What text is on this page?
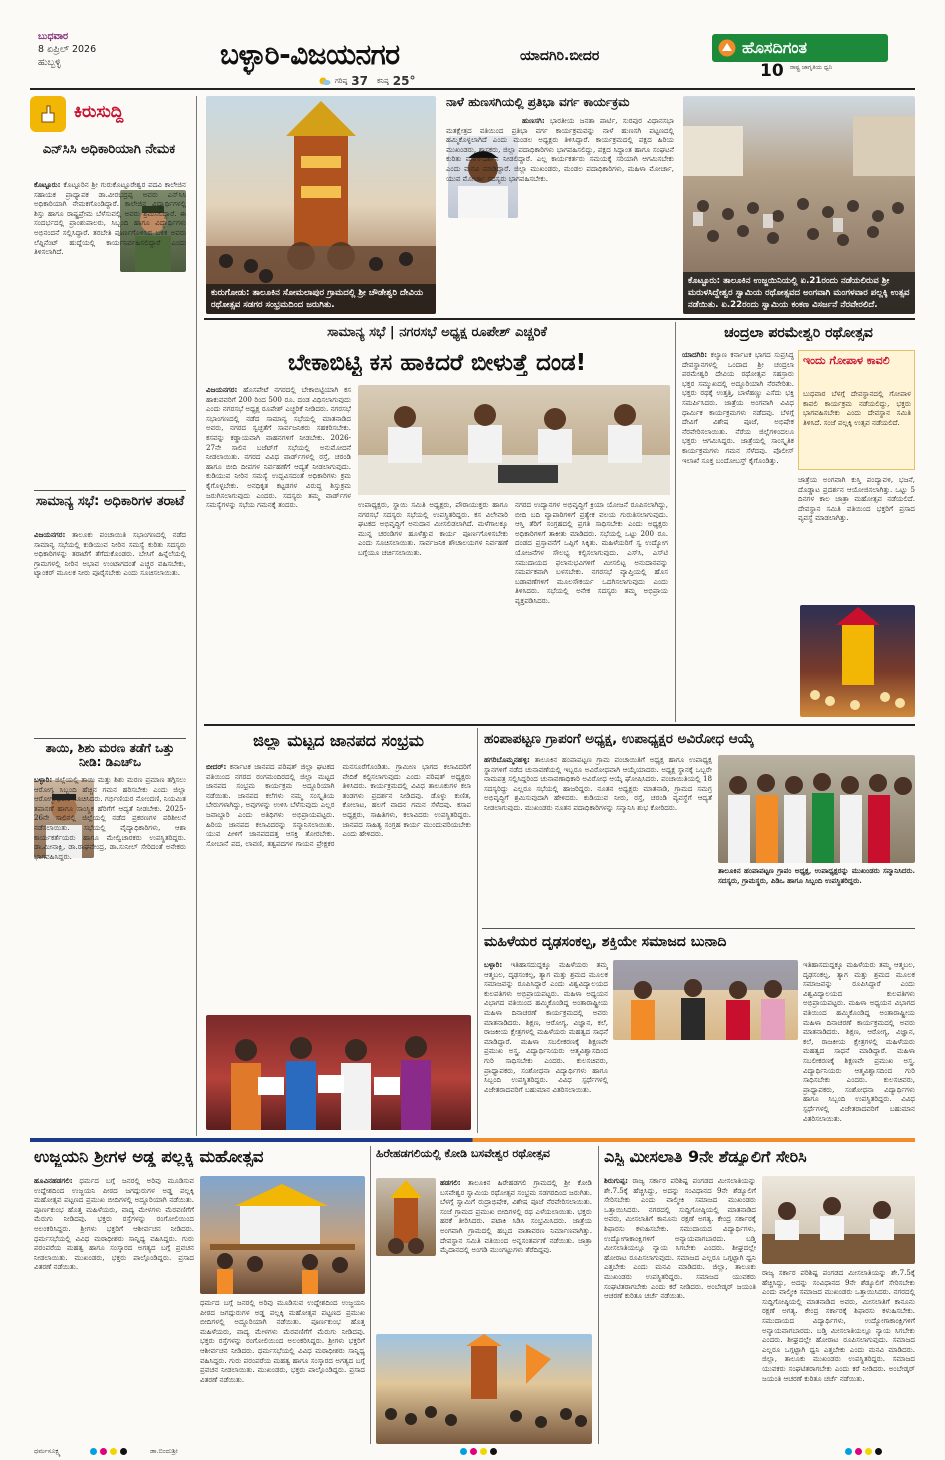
ಬುಧವಾರ
8 ಏಪ್ರಿಲ್ 2026
ಹುಬ್ಬಳ್ಳಿ	ಬಳ್ಳಾರಿ-ವಿಜಯನಗರ	ಯಾದಗಿರಿ.ಬೀದರ
ಗರಿಷ್ಠ 37 ಕನಿಷ್ಠ 25°
ಹೊಸದಿಗಂತ
ರಾಷ್ಟ್ರ ಜಾಗೃತಿಯ ಧ್ವನಿ
10
ಕಿರುಸುದ್ದಿ
ಎನ್‌ಸಿಸಿ ಅಧಿಕಾರಿಯಾಗಿ ನೇಮಕ
ಕೊಟ್ಟೂರು: ಕೊಟ್ಟೂರಿನ ಶ್ರೀ ಗುರುಕೊಟ್ಟೂರೇಶ್ವರ ಪದವಿ ಕಾಲೇಜಿನ ಸಹಾಯಕ ಪ್ರಾಧ್ಯಾಪಕ ಡಾ.ವೀರಭದ್ರಪ್ಪ ಅವರು ಎನ್‌ಸಿಸಿ ಅಧಿಕಾರಿಯಾಗಿ ನೇಮಕಗೊಂಡಿದ್ದಾರೆ. ಕಾಲೇಜಿನ ವಿದ್ಯಾರ್ಥಿಗಳಲ್ಲಿ ಶಿಸ್ತು ಹಾಗೂ ರಾಷ್ಟ್ರಪ್ರೇಮ ಬೆಳೆಸುವಲ್ಲಿ ಅವರು ಶ್ರಮಿಸಲಿದ್ದಾರೆ. ಈ ಸಂದರ್ಭದಲ್ಲಿ ಪ್ರಾಂಶುಪಾಲರು, ಸಿಬ್ಬಂದಿ ಹಾಗೂ ವಿದ್ಯಾರ್ಥಿಗಳು ಅಭಿನಂದನೆ ಸಲ್ಲಿಸಿದ್ದಾರೆ. ತರಬೇತಿ ಪೂರ್ಣಗೊಳಿಸಿದ ಬಳಿಕ ಅವರು ಲೆಫ್ಟಿನೆಂಟ್ ಹುದ್ದೆಯಲ್ಲಿ ಕಾರ್ಯನಿರ್ವಹಿಸಲಿದ್ದಾರೆ ಎಂದು ತಿಳಿಸಲಾಗಿದೆ.
ಸಾಮಾನ್ಯ ಸಭೆ: ಅಧಿಕಾರಿಗಳ ತರಾಟೆ
ವಿಜಯನಗರ: ತಾಲೂಕು ಪಂಚಾಯಿತಿ ಸಭಾಂಗಣದಲ್ಲಿ ನಡೆದ ಸಾಮಾನ್ಯ ಸಭೆಯಲ್ಲಿ ಕುಡಿಯುವ ನೀರಿನ ಸಮಸ್ಯೆ ಕುರಿತು ಸದಸ್ಯರು ಅಧಿಕಾರಿಗಳನ್ನು ತರಾಟೆಗೆ ತೆಗೆದುಕೊಂಡರು. ಬೇಸಿಗೆ ಹಿನ್ನೆಲೆಯಲ್ಲಿ ಗ್ರಾಮಗಳಲ್ಲಿ ನೀರಿನ ಅಭಾವ ಉಂಟಾಗದಂತೆ ಎಚ್ಚರ ವಹಿಸಬೇಕು, ಟ್ಯಾಂಕರ್ ಮೂಲಕ ನೀರು ಪೂರೈಸಬೇಕು ಎಂದು ಸೂಚಿಸಲಾಯಿತು.
ತಾಯಿ, ಶಿಶು ಮರಣ ತಡೆಗೆ ಒತ್ತು ನೀಡಿ: ಡಿಎಚ್‌ಒ
ಬಳ್ಳಾರಿ: ಜಿಲ್ಲೆಯಲ್ಲಿ ತಾಯಿ ಮತ್ತು ಶಿಶು ಮರಣ ಪ್ರಮಾಣ ತಗ್ಗಿಸಲು ಆರೋಗ್ಯ ಸಿಬ್ಬಂದಿ ಹೆಚ್ಚಿನ ಗಮನ ಹರಿಸಬೇಕು ಎಂದು ಜಿಲ್ಲಾ ಆರೋಗ್ಯಾಧಿಕಾರಿ ಸೂಚಿಸಿದರು. ಗರ್ಭಿಣಿಯರ ನೋಂದಣಿ, ನಿಯಮಿತ ತಪಾಸಣೆ ಹಾಗೂ ಸಾಂಸ್ಥಿಕ ಹೆರಿಗೆಗೆ ಆದ್ಯತೆ ನೀಡಬೇಕು. 2025-26ನೇ ಸಾಲಿನಲ್ಲಿ ಜಿಲ್ಲೆಯಲ್ಲಿ ನಡೆದ ಪ್ರಕರಣಗಳ ಪರಿಶೀಲನೆ ನಡೆಸಲಾಯಿತು. ಸಭೆಯಲ್ಲಿ ವೈದ್ಯಾಧಿಕಾರಿಗಳು, ಆಶಾ ಕಾರ್ಯಕರ್ತೆಯರು ಹಾಗೂ ಮೇಲ್ವಿಚಾರಕರು ಉಪಸ್ಥಿತರಿದ್ದರು. ಡಾ.ಮೀನಾಕ್ಷಿ, ಡಾ.ರಾಘವೇಂದ್ರ, ಡಾ.ಸುನೀಲ್ ಸೇರಿದಂತೆ ಅನೇಕರು ಭಾಗವಹಿಸಿದ್ದರು.
ಕುರುಗೋಡು: ತಾಲೂಕಿನ ಸೋಮಲಾಪುರ ಗ್ರಾಮದಲ್ಲಿ ಶ್ರೀ ಚೌಡೇಶ್ವರಿ ದೇವಿಯ ರಥೋತ್ಸವ ಸಡಗರ ಸಂಭ್ರಮದಿಂದ ಜರುಗಿತು.
ನಾಳೆ ಹುಣಸಗಿಯಲ್ಲಿ ಪ್ರತಿಭಾ ವರ್ಗ ಕಾರ್ಯಕ್ರಮ
ಹುಣಸಗಿ: ಭಾರತೀಯ ಜನತಾ ಪಾರ್ಟಿ, ಸುರಪುರ ವಿಧಾನಸಭಾ ಮತಕ್ಷೇತ್ರದ ವತಿಯಿಂದ ಪ್ರತಿಭಾ ವರ್ಗ ಕಾರ್ಯಕ್ರಮವನ್ನು ನಾಳೆ ಹುಣಸಗಿ ಪಟ್ಟಣದಲ್ಲಿ ಹಮ್ಮಿಕೊಳ್ಳಲಾಗಿದೆ ಎಂದು ಮಂಡಲ ಅಧ್ಯಕ್ಷರು ತಿಳಿಸಿದ್ದಾರೆ. ಕಾರ್ಯಕ್ರಮದಲ್ಲಿ ಪಕ್ಷದ ಹಿರಿಯ ಮುಖಂಡರು, ಶಾಸಕರು, ಜಿಲ್ಲಾ ಪದಾಧಿಕಾರಿಗಳು ಭಾಗವಹಿಸಲಿದ್ದು, ಪಕ್ಷದ ಸಿದ್ಧಾಂತ ಹಾಗೂ ಸಂಘಟನೆ ಕುರಿತು ಮಾರ್ಗದರ್ಶನ ನೀಡಲಿದ್ದಾರೆ. ಎಲ್ಲ ಕಾರ್ಯಕರ್ತರು ಸಮಯಕ್ಕೆ ಸರಿಯಾಗಿ ಆಗಮಿಸಬೇಕು ಎಂದು ಮನವಿ ಮಾಡಿದ್ದಾರೆ. ಜಿಲ್ಲಾ ಮುಖಂಡರು, ಮಂಡಲ ಪದಾಧಿಕಾರಿಗಳು, ಮಹಿಳಾ ಮೋರ್ಚಾ, ಯುವ ಮೋರ್ಚಾ ಸದಸ್ಯರು ಭಾಗವಹಿಸಬೇಕು.
ಕೊಟ್ಟೂರು: ತಾಲೂಕಿನ ಉಜ್ಜಯಿನಿಯಲ್ಲಿ ಏ.21ರಂದು ನಡೆಯಲಿರುವ ಶ್ರೀ ಮರುಳಸಿದ್ದೇಶ್ವರ ಸ್ವಾಮಿಯ ರಥೋತ್ಸವದ ಅಂಗವಾಗಿ ಮಂಗಳವಾರ ಪಲ್ಲಕ್ಕಿ ಉತ್ಸವ ನಡೆಯಿತು. ಏ.22ರಂದು ಸ್ವಾಮಿಯ ಕಂಕಣ ವಿಸರ್ಜನೆ ನೆರವೇರಲಿದೆ.
ಸಾಮಾನ್ಯ ಸಭೆ | ನಗರಸಭೆ ಅಧ್ಯಕ್ಷ ರೂಪೇಶ್ ಎಚ್ಚರಿಕೆ
ಬೇಕಾಬಿಟ್ಟಿ ಕಸ ಹಾಕಿದರೆ ಬೀಳುತ್ತೆ ದಂಡ!
ವಿಜಯನಗರ: ಹೊಸಪೇಟೆ ನಗರದಲ್ಲಿ ಬೇಕಾಬಿಟ್ಟಿಯಾಗಿ ಕಸ ಹಾಕುವವರಿಗೆ 200 ರಿಂದ 500 ರೂ. ದಂಡ ವಿಧಿಸಲಾಗುವುದು ಎಂದು ನಗರಸಭೆ ಅಧ್ಯಕ್ಷ ರೂಪೇಶ್ ಎಚ್ಚರಿಕೆ ನೀಡಿದರು. ನಗರಸಭೆ ಸಭಾಂಗಣದಲ್ಲಿ ನಡೆದ ಸಾಮಾನ್ಯ ಸಭೆಯಲ್ಲಿ ಮಾತನಾಡಿದ ಅವರು, ನಗರದ ಸ್ವಚ್ಛತೆಗೆ ಸಾರ್ವಜನಿಕರು ಸಹಕರಿಸಬೇಕು. ಕಸವನ್ನು ಕಡ್ಡಾಯವಾಗಿ ವಾಹನಗಳಿಗೆ ನೀಡಬೇಕು. 2026-27ನೇ ಸಾಲಿನ ಬಜೆಟ್‌ಗೆ ಸಭೆಯಲ್ಲಿ ಅನುಮೋದನೆ ನೀಡಲಾಯಿತು. ನಗರದ ವಿವಿಧ ವಾರ್ಡ್‌ಗಳಲ್ಲಿ ರಸ್ತೆ, ಚರಂಡಿ ಹಾಗೂ ಬೀದಿ ದೀಪಗಳ ನಿರ್ವಹಣೆಗೆ ಆದ್ಯತೆ ನೀಡಲಾಗುವುದು. ಕುಡಿಯುವ ನೀರಿನ ಸಮಸ್ಯೆ ಉದ್ಭವಿಸದಂತೆ ಅಧಿಕಾರಿಗಳು ಕ್ರಮ ಕೈಗೊಳ್ಳಬೇಕು. ಅನಧಿಕೃತ ಕಟ್ಟಡಗಳ ವಿರುದ್ಧ ಶಿಸ್ತುಕ್ರಮ ಜರುಗಿಸಲಾಗುವುದು ಎಂದರು. ಸದಸ್ಯರು ತಮ್ಮ ವಾರ್ಡ್‌ಗಳ ಸಮಸ್ಯೆಗಳನ್ನು ಸಭೆಯ ಗಮನಕ್ಕೆ ತಂದರು.	ಉಪಾಧ್ಯಕ್ಷರು, ಸ್ಥಾಯಿ ಸಮಿತಿ ಅಧ್ಯಕ್ಷರು, ಪೌರಾಯುಕ್ತರು ಹಾಗೂ ನಗರಸಭೆ ಸದಸ್ಯರು ಸಭೆಯಲ್ಲಿ ಉಪಸ್ಥಿತರಿದ್ದರು. ಕಸ ವಿಲೇವಾರಿ ಘಟಕದ ಅಭಿವೃದ್ಧಿಗೆ ಅನುದಾನ ಮೀಸಲಿಡಲಾಗಿದೆ. ಮಳೆಗಾಲಕ್ಕೂ ಮುನ್ನ ಚರಂಡಿಗಳ ಹೂಳೆತ್ತುವ ಕಾರ್ಯ ಪೂರ್ಣಗೊಳಿಸಬೇಕು ಎಂದು ಸೂಚಿಸಲಾಯಿತು. ಸಾರ್ವಜನಿಕ ಶೌಚಾಲಯಗಳ ನಿರ್ವಹಣೆ ಬಗ್ಗೆಯೂ ಚರ್ಚಿಸಲಾಯಿತು.
ನಗರದ ಉದ್ಯಾನಗಳ ಅಭಿವೃದ್ಧಿಗೆ ಕ್ರಿಯಾ ಯೋಜನೆ ರೂಪಿಸಲಾಗಿದ್ದು, ಬೀದಿ ಬದಿ ವ್ಯಾಪಾರಿಗಳಿಗೆ ಪ್ರತ್ಯೇಕ ವಲಯ ಗುರುತಿಸಲಾಗುವುದು. ಆಸ್ತಿ ತೆರಿಗೆ ಸಂಗ್ರಹದಲ್ಲಿ ಪ್ರಗತಿ ಸಾಧಿಸಬೇಕು ಎಂದು ಅಧ್ಯಕ್ಷರು ಅಧಿಕಾರಿಗಳಿಗೆ ತಾಕೀತು ಮಾಡಿದರು. ಸಭೆಯಲ್ಲಿ ಒಟ್ಟು 200 ರೂ. ದಂಡದ ಪ್ರಸ್ತಾವನೆಗೆ ಒಪ್ಪಿಗೆ ಸಿಕ್ಕಿತು. ಮಹಿಳೆಯರಿಗೆ ಸ್ವ ಉದ್ಯೋಗ ಯೋಜನೆಗಳ ಸೌಲಭ್ಯ ಕಲ್ಪಿಸಲಾಗುವುದು. ಎಸ್‌ಸಿ, ಎಸ್‌ಟಿ ಸಮುದಾಯದ ಫಲಾನುಭವಿಗಳಿಗೆ ಮೀಸಲಿಟ್ಟ ಅನುದಾನವನ್ನು ಸಮರ್ಪಕವಾಗಿ ಬಳಸಬೇಕು. ನಗರಸಭೆ ವ್ಯಾಪ್ತಿಯಲ್ಲಿ ಹೊಸ ಬಡಾವಣೆಗಳಿಗೆ ಮೂಲಸೌಕರ್ಯ ಒದಗಿಸಲಾಗುವುದು ಎಂದು ತಿಳಿಸಿದರು. ಸಭೆಯಲ್ಲಿ ಅನೇಕ ಸದಸ್ಯರು ತಮ್ಮ ಅಭಿಪ್ರಾಯ ವ್ಯಕ್ತಪಡಿಸಿದರು.
ಚಂದ್ರಲಾ ಪರಮೇಶ್ವರಿ ರಥೋತ್ಸವ
ಯಾದಗಿರಿ: ಕಲ್ಯಾಣ ಕರ್ನಾಟಕ ಭಾಗದ ಸುಪ್ರಸಿದ್ಧ ದೇವಸ್ಥಾನಗಳಲ್ಲಿ ಒಂದಾದ ಶ್ರೀ ಚಂದ್ರಲಾ ಪರಮೇಶ್ವರಿ ದೇವಿಯ ರಥೋತ್ಸವ ಸಹಸ್ರಾರು ಭಕ್ತರ ಸಮ್ಮುಖದಲ್ಲಿ ಅದ್ದೂರಿಯಾಗಿ ನೆರವೇರಿತು. ಭಕ್ತರು ರಥಕ್ಕೆ ಉತ್ತತ್ತಿ, ಬಾಳೆಹಣ್ಣು ಎಸೆದು ಭಕ್ತಿ ಸಮರ್ಪಿಸಿದರು. ಜಾತ್ರೆಯ ಅಂಗವಾಗಿ ವಿವಿಧ ಧಾರ್ಮಿಕ ಕಾರ್ಯಕ್ರಮಗಳು ನಡೆದವು. ಬೆಳಗ್ಗೆ ದೇವಿಗೆ ವಿಶೇಷ ಪೂಜೆ, ಅಭಿಷೇಕ ನೆರವೇರಿಸಲಾಯಿತು. ನೆರೆಯ ಜಿಲ್ಲೆಗಳಿಂದಲೂ ಭಕ್ತರು ಆಗಮಿಸಿದ್ದರು. ಜಾತ್ರೆಯಲ್ಲಿ ಸಾಂಸ್ಕೃತಿಕ ಕಾರ್ಯಕ್ರಮಗಳು ಗಮನ ಸೆಳೆದವು. ಪೊಲೀಸ್ ಇಲಾಖೆ ಸೂಕ್ತ ಬಂದೋಬಸ್ತ್ ಕೈಗೊಂಡಿತ್ತು.
ಇಂದು ಗೋಪಾಳ ಕಾವಲಿ
ಬುಧವಾರ ಬೆಳಗ್ಗೆ ದೇವಸ್ಥಾನದಲ್ಲಿ ಗೋಪಾಳ ಕಾವಲಿ ಕಾರ್ಯಕ್ರಮ ನಡೆಯಲಿದ್ದು, ಭಕ್ತರು ಭಾಗವಹಿಸಬೇಕು ಎಂದು ದೇವಸ್ಥಾನ ಸಮಿತಿ ತಿಳಿಸಿದೆ. ಸಂಜೆ ಪಲ್ಲಕ್ಕಿ ಉತ್ಸವ ನಡೆಯಲಿದೆ.
ಜಾತ್ರೆಯ ಅಂಗವಾಗಿ ಕುಸ್ತಿ ಪಂದ್ಯಾವಳಿ, ಭಜನೆ, ದೊಡ್ಡಾಟ ಪ್ರದರ್ಶನ ಆಯೋಜಿಸಲಾಗಿತ್ತು. ಒಟ್ಟು 5 ದಿನಗಳ ಕಾಲ ಜಾತ್ರಾ ಮಹೋತ್ಸವ ನಡೆಯಲಿದೆ. ದೇವಸ್ಥಾನ ಸಮಿತಿ ವತಿಯಿಂದ ಭಕ್ತರಿಗೆ ಪ್ರಸಾದ ವ್ಯವಸ್ಥೆ ಮಾಡಲಾಗಿತ್ತು.
ಜಿಲ್ಲಾ ಮಟ್ಟದ ಜಾನಪದ ಸಂಭ್ರಮ
ಬೀದರ್: ಕರ್ನಾಟಕ ಜಾನಪದ ಪರಿಷತ್ ಜಿಲ್ಲಾ ಘಟಕದ ವತಿಯಿಂದ ನಗರದ ರಂಗಮಂದಿರದಲ್ಲಿ ಜಿಲ್ಲಾ ಮಟ್ಟದ ಜಾನಪದ ಸಂಭ್ರಮ ಕಾರ್ಯಕ್ರಮ ಅದ್ದೂರಿಯಾಗಿ ನಡೆಯಿತು. ಜಾನಪದ ಕಲೆಗಳು ನಮ್ಮ ಸಂಸ್ಕೃತಿಯ ಬೇರುಗಳಾಗಿದ್ದು, ಅವುಗಳನ್ನು ಉಳಿಸಿ ಬೆಳೆಸುವುದು ಎಲ್ಲರ ಜವಾಬ್ದಾರಿ ಎಂದು ಅತಿಥಿಗಳು ಅಭಿಪ್ರಾಯಪಟ್ಟರು. ಹಿರಿಯ ಜಾನಪದ ಕಲಾವಿದರನ್ನು ಸನ್ಮಾನಿಸಲಾಯಿತು. ಯುವ ಪೀಳಿಗೆ ಜಾನಪದದತ್ತ ಆಸಕ್ತಿ ತೋರಬೇಕು. ಸೋಬಾನೆ ಪದ, ಲಾವಣಿ, ತತ್ವಪದಗಳ ಗಾಯನ ಪ್ರೇಕ್ಷಕರ ಮನಸೂರೆಗೊಂಡಿತು. ಗ್ರಾಮೀಣ ಭಾಗದ ಕಲಾವಿದರಿಗೆ ವೇದಿಕೆ ಕಲ್ಪಿಸಲಾಗುವುದು ಎಂದು ಪರಿಷತ್ ಅಧ್ಯಕ್ಷರು ತಿಳಿಸಿದರು. ಕಾರ್ಯಕ್ರಮದಲ್ಲಿ ವಿವಿಧ ತಾಲೂಕುಗಳ ಕಲಾ ತಂಡಗಳು ಪ್ರದರ್ಶನ ನೀಡಿದವು. ಡೊಳ್ಳು ಕುಣಿತ, ಕೋಲಾಟ, ಹಲಗೆ ವಾದನ ಗಮನ ಸೆಳೆದವು. ಕಸಾಪ ಅಧ್ಯಕ್ಷರು, ಸಾಹಿತಿಗಳು, ಕಲಾವಿದರು ಉಪಸ್ಥಿತರಿದ್ದರು. ಜಾನಪದ ಸಾಹಿತ್ಯ ಸಂಗ್ರಹ ಕಾರ್ಯ ಮುಂದುವರಿಯಬೇಕು ಎಂದು ಹೇಳಿದರು.
ಹಂಪಾಪಟ್ಟಣ ಗ್ರಾಪಂಗೆ ಅಧ್ಯಕ್ಷ, ಉಪಾಧ್ಯಕ್ಷರ ಅವಿರೋಧ ಆಯ್ಕೆ
ಹಗರಿಬೊಮ್ಮನಹಳ್ಳಿ: ತಾಲೂಕಿನ ಹಂಪಾಪಟ್ಟಣ ಗ್ರಾಮ ಪಂಚಾಯಿತಿಗೆ ಅಧ್ಯಕ್ಷ ಹಾಗೂ ಉಪಾಧ್ಯಕ್ಷ ಸ್ಥಾನಗಳಿಗೆ ನಡೆದ ಚುನಾವಣೆಯಲ್ಲಿ ಇಬ್ಬರೂ ಅವಿರೋಧವಾಗಿ ಆಯ್ಕೆಯಾದರು. ಅಧ್ಯಕ್ಷ ಸ್ಥಾನಕ್ಕೆ ಒಬ್ಬರೇ ನಾಮಪತ್ರ ಸಲ್ಲಿಸಿದ್ದರಿಂದ ಚುನಾವಣಾಧಿಕಾರಿ ಅವಿರೋಧ ಆಯ್ಕೆ ಘೋಷಿಸಿದರು. ಪಂಚಾಯಿತಿಯಲ್ಲಿ 18 ಸದಸ್ಯರಿದ್ದು ಎಲ್ಲರೂ ಸಭೆಯಲ್ಲಿ ಹಾಜರಿದ್ದರು. ನೂತನ ಅಧ್ಯಕ್ಷರು ಮಾತನಾಡಿ, ಗ್ರಾಮದ ಸಮಗ್ರ ಅಭಿವೃದ್ಧಿಗೆ ಶ್ರಮಿಸುವುದಾಗಿ ಹೇಳಿದರು. ಕುಡಿಯುವ ನೀರು, ರಸ್ತೆ, ಚರಂಡಿ ವ್ಯವಸ್ಥೆಗೆ ಆದ್ಯತೆ ನೀಡಲಾಗುವುದು. ಮುಖಂಡರು ನೂತನ ಪದಾಧಿಕಾರಿಗಳನ್ನು ಸನ್ಮಾನಿಸಿ ಶುಭ ಕೋರಿದರು.
ತಾಲೂಕಿನ ಹಂಪಾಪಟ್ಟಣ ಗ್ರಾಪಂ ಅಧ್ಯಕ್ಷ, ಉಪಾಧ್ಯಕ್ಷರನ್ನು ಮುಖಂಡರು ಸನ್ಮಾನಿಸಿದರು. ಸದಸ್ಯರು, ಗ್ರಾಮಸ್ಥರು, ಪಿಡಿಒ ಹಾಗೂ ಸಿಬ್ಬಂದಿ ಉಪಸ್ಥಿತರಿದ್ದರು.
ಮಹಿಳೆಯರ ದೃಢಸಂಕಲ್ಪ, ಶಕ್ತಿಯೇ ಸಮಾಜದ ಬುನಾದಿ
ಬಳ್ಳಾರಿ: ಇತಿಹಾಸದುದ್ದಕ್ಕೂ ಮಹಿಳೆಯರು ತಮ್ಮ ಆತ್ಮಬಲ, ದೃಢಸಂಕಲ್ಪ, ತ್ಯಾಗ ಮತ್ತು ಶ್ರಮದ ಮೂಲಕ ಸಮಾಜವನ್ನು ರೂಪಿಸಿದ್ದಾರೆ ಎಂದು ವಿಶ್ವವಿದ್ಯಾಲಯದ ಕುಲಪತಿಗಳು ಅಭಿಪ್ರಾಯಪಟ್ಟರು. ಮಹಿಳಾ ಅಧ್ಯಯನ ವಿಭಾಗದ ವತಿಯಿಂದ ಹಮ್ಮಿಕೊಂಡಿದ್ದ ಅಂತಾರಾಷ್ಟ್ರೀಯ ಮಹಿಳಾ ದಿನಾಚರಣೆ ಕಾರ್ಯಕ್ರಮದಲ್ಲಿ ಅವರು ಮಾತನಾಡಿದರು. ಶಿಕ್ಷಣ, ಆರೋಗ್ಯ, ವಿಜ್ಞಾನ, ಕಲೆ, ರಾಜಕೀಯ ಕ್ಷೇತ್ರಗಳಲ್ಲಿ ಮಹಿಳೆಯರು ಮಹತ್ವದ ಸಾಧನೆ ಮಾಡಿದ್ದಾರೆ. ಮಹಿಳಾ ಸಬಲೀಕರಣಕ್ಕೆ ಶಿಕ್ಷಣವೇ ಪ್ರಮುಖ ಅಸ್ತ್ರ. ವಿದ್ಯಾರ್ಥಿನಿಯರು ಆತ್ಮವಿಶ್ವಾಸದಿಂದ ಗುರಿ ಸಾಧಿಸಬೇಕು ಎಂದರು. ಕುಲಸಚಿವರು, ಪ್ರಾಧ್ಯಾಪಕರು, ಸಂಶೋಧನಾ ವಿದ್ಯಾರ್ಥಿಗಳು ಹಾಗೂ ಸಿಬ್ಬಂದಿ ಉಪಸ್ಥಿತರಿದ್ದರು. ವಿವಿಧ ಸ್ಪರ್ಧೆಗಳಲ್ಲಿ ವಿಜೇತರಾದವರಿಗೆ ಬಹುಮಾನ ವಿತರಿಸಲಾಯಿತು.
ಇತಿಹಾಸದುದ್ದಕ್ಕೂ ಮಹಿಳೆಯರು ತಮ್ಮ ಆತ್ಮಬಲ, ದೃಢಸಂಕಲ್ಪ, ತ್ಯಾಗ ಮತ್ತು ಶ್ರಮದ ಮೂಲಕ ಸಮಾಜವನ್ನು ರೂಪಿಸಿದ್ದಾರೆ ಎಂದು ವಿಶ್ವವಿದ್ಯಾಲಯದ ಕುಲಪತಿಗಳು ಅಭಿಪ್ರಾಯಪಟ್ಟರು. ಮಹಿಳಾ ಅಧ್ಯಯನ ವಿಭಾಗದ ವತಿಯಿಂದ ಹಮ್ಮಿಕೊಂಡಿದ್ದ ಅಂತಾರಾಷ್ಟ್ರೀಯ ಮಹಿಳಾ ದಿನಾಚರಣೆ ಕಾರ್ಯಕ್ರಮದಲ್ಲಿ ಅವರು ಮಾತನಾಡಿದರು. ಶಿಕ್ಷಣ, ಆರೋಗ್ಯ, ವಿಜ್ಞಾನ, ಕಲೆ, ರಾಜಕೀಯ ಕ್ಷೇತ್ರಗಳಲ್ಲಿ ಮಹಿಳೆಯರು ಮಹತ್ವದ ಸಾಧನೆ ಮಾಡಿದ್ದಾರೆ. ಮಹಿಳಾ ಸಬಲೀಕರಣಕ್ಕೆ ಶಿಕ್ಷಣವೇ ಪ್ರಮುಖ ಅಸ್ತ್ರ. ವಿದ್ಯಾರ್ಥಿನಿಯರು ಆತ್ಮವಿಶ್ವಾಸದಿಂದ ಗುರಿ ಸಾಧಿಸಬೇಕು ಎಂದರು. ಕುಲಸಚಿವರು, ಪ್ರಾಧ್ಯಾಪಕರು, ಸಂಶೋಧನಾ ವಿದ್ಯಾರ್ಥಿಗಳು ಹಾಗೂ ಸಿಬ್ಬಂದಿ ಉಪಸ್ಥಿತರಿದ್ದರು. ವಿವಿಧ ಸ್ಪರ್ಧೆಗಳಲ್ಲಿ ವಿಜೇತರಾದವರಿಗೆ ಬಹುಮಾನ ವಿತರಿಸಲಾಯಿತು.
ಉಜ್ಜಯನಿ ಶ್ರೀಗಳ ಅಡ್ಡ ಪಲ್ಲಕ್ಕಿ ಮಹೋತ್ಸವ
ಹೂವಿನಹಡಗಲಿ: ಧರ್ಮದ ಬಗ್ಗೆ ಜನರಲ್ಲಿ ಅರಿವು ಮೂಡಿಸುವ ಉದ್ದೇಶದಿಂದ ಉಜ್ಜಯನಿ ಪೀಠದ ಜಗದ್ಗುರುಗಳ ಅಡ್ಡ ಪಲ್ಲಕ್ಕಿ ಮಹೋತ್ಸವ ಪಟ್ಟಣದ ಪ್ರಮುಖ ಬೀದಿಗಳಲ್ಲಿ ಅದ್ದೂರಿಯಾಗಿ ನಡೆಯಿತು. ಪೂರ್ಣಕುಂಭ ಹೊತ್ತ ಮಹಿಳೆಯರು, ವಾದ್ಯ ಮೇಳಗಳು ಮೆರವಣಿಗೆಗೆ ಮೆರುಗು ನೀಡಿದವು. ಭಕ್ತರು ರಸ್ತೆಗಳನ್ನು ರಂಗೋಲಿಯಿಂದ ಅಲಂಕರಿಸಿದ್ದರು. ಶ್ರೀಗಳು ಭಕ್ತರಿಗೆ ಆಶೀರ್ವಚನ ನೀಡಿದರು. ಧರ್ಮಸಭೆಯಲ್ಲಿ ವಿವಿಧ ಮಠಾಧೀಶರು ಸಾನ್ನಿಧ್ಯ ವಹಿಸಿದ್ದರು. ಗುರು ಪರಂಪರೆಯ ಮಹತ್ವ ಹಾಗೂ ಸಂಸ್ಕಾರದ ಅಗತ್ಯದ ಬಗ್ಗೆ ಪ್ರವಚನ ನೀಡಲಾಯಿತು. ಮುಖಂಡರು, ಭಕ್ತರು ಪಾಲ್ಗೊಂಡಿದ್ದರು. ಪ್ರಸಾದ ವಿತರಣೆ ನಡೆಯಿತು.
ಧರ್ಮದ ಬಗ್ಗೆ ಜನರಲ್ಲಿ ಅರಿವು ಮೂಡಿಸುವ ಉದ್ದೇಶದಿಂದ ಉಜ್ಜಯನಿ ಪೀಠದ ಜಗದ್ಗುರುಗಳ ಅಡ್ಡ ಪಲ್ಲಕ್ಕಿ ಮಹೋತ್ಸವ ಪಟ್ಟಣದ ಪ್ರಮುಖ ಬೀದಿಗಳಲ್ಲಿ ಅದ್ದೂರಿಯಾಗಿ ನಡೆಯಿತು. ಪೂರ್ಣಕುಂಭ ಹೊತ್ತ ಮಹಿಳೆಯರು, ವಾದ್ಯ ಮೇಳಗಳು ಮೆರವಣಿಗೆಗೆ ಮೆರುಗು ನೀಡಿದವು. ಭಕ್ತರು ರಸ್ತೆಗಳನ್ನು ರಂಗೋಲಿಯಿಂದ ಅಲಂಕರಿಸಿದ್ದರು. ಶ್ರೀಗಳು ಭಕ್ತರಿಗೆ ಆಶೀರ್ವಚನ ನೀಡಿದರು. ಧರ್ಮಸಭೆಯಲ್ಲಿ ವಿವಿಧ ಮಠಾಧೀಶರು ಸಾನ್ನಿಧ್ಯ ವಹಿಸಿದ್ದರು. ಗುರು ಪರಂಪರೆಯ ಮಹತ್ವ ಹಾಗೂ ಸಂಸ್ಕಾರದ ಅಗತ್ಯದ ಬಗ್ಗೆ ಪ್ರವಚನ ನೀಡಲಾಯಿತು. ಮುಖಂಡರು, ಭಕ್ತರು ಪಾಲ್ಗೊಂಡಿದ್ದರು. ಪ್ರಸಾದ ವಿತರಣೆ ನಡೆಯಿತು.
ಹಿರೇಹಡಗಲಿಯಲ್ಲಿ ಕೋಡಿ ಬಸವೇಶ್ವರ ರಥೋತ್ಸವ
ಹಡಗಲಿ: ತಾಲೂಕಿನ ಹಿರೇಹಡಗಲಿ ಗ್ರಾಮದಲ್ಲಿ ಶ್ರೀ ಕೋಡಿ ಬಸವೇಶ್ವರ ಸ್ವಾಮಿಯ ರಥೋತ್ಸವ ಸಂಭ್ರಮ ಸಡಗರದಿಂದ ಜರುಗಿತು. ಬೆಳಗ್ಗೆ ಸ್ವಾಮಿಗೆ ರುದ್ರಾಭಿಷೇಕ, ವಿಶೇಷ ಪೂಜೆ ನೆರವೇರಿಸಲಾಯಿತು. ಸಂಜೆ ಗ್ರಾಮದ ಪ್ರಮುಖ ಬೀದಿಗಳಲ್ಲಿ ರಥ ಎಳೆಯಲಾಯಿತು. ಭಕ್ತರು ಹರಕೆ ತೀರಿಸಿದರು. ಪಟಾಕಿ ಸಿಡಿಸಿ ಸಂಭ್ರಮಿಸಿದರು. ಜಾತ್ರೆಯ ಅಂಗವಾಗಿ ಗ್ರಾಮದಲ್ಲಿ ಹಬ್ಬದ ವಾತಾವರಣ ನಿರ್ಮಾಣವಾಗಿತ್ತು. ದೇವಸ್ಥಾನ ಸಮಿತಿ ವತಿಯಿಂದ ಅನ್ನಸಂತರ್ಪಣೆ ನಡೆಯಿತು. ಜಾತ್ರಾ ಮೈದಾನದಲ್ಲಿ ಅಂಗಡಿ ಮುಂಗಟ್ಟುಗಳು ತೆರೆದಿದ್ದವು.
ಎಸ್ಟಿ ಮೀಸಲಾತಿ 9ನೇ ಶೆಡ್ಯೂಲಿಗೆ ಸೇರಿಸಿ
ಶಿರುಗುಪ್ಪ: ರಾಜ್ಯ ಸರ್ಕಾರ ಪರಿಶಿಷ್ಟ ಪಂಗಡದ ಮೀಸಲಾತಿಯನ್ನು ಶೇ.7.5ಕ್ಕೆ ಹೆಚ್ಚಿಸಿದ್ದು, ಅದನ್ನು ಸಂವಿಧಾನದ 9ನೇ ಶೆಡ್ಯೂಲಿಗೆ ಸೇರಿಸಬೇಕು ಎಂದು ವಾಲ್ಮೀಕಿ ಸಮಾಜದ ಮುಖಂಡರು ಒತ್ತಾಯಿಸಿದರು. ನಗರದಲ್ಲಿ ಸುದ್ದಿಗೋಷ್ಠಿಯಲ್ಲಿ ಮಾತನಾಡಿದ ಅವರು, ಮೀಸಲಾತಿಗೆ ಕಾನೂನು ರಕ್ಷಣೆ ಅಗತ್ಯ. ಕೇಂದ್ರ ಸರ್ಕಾರಕ್ಕೆ ಶಿಫಾರಸು ಕಳುಹಿಸಬೇಕು. ಸಮುದಾಯದ ವಿದ್ಯಾರ್ಥಿಗಳು, ಉದ್ಯೋಗಾಕಾಂಕ್ಷಿಗಳಿಗೆ ಅನ್ಯಾಯವಾಗಬಾರದು. ಬಡ್ತಿ ಮೀಸಲಾತಿಯಲ್ಲೂ ನ್ಯಾಯ ಸಿಗಬೇಕು ಎಂದರು. ಶೀಘ್ರದಲ್ಲೇ ಹೋರಾಟ ರೂಪಿಸಲಾಗುವುದು. ಸಮಾಜದ ಎಲ್ಲರೂ ಒಗ್ಗಟ್ಟಾಗಿ ಧ್ವನಿ ಎತ್ತಬೇಕು ಎಂದು ಮನವಿ ಮಾಡಿದರು. ಜಿಲ್ಲಾ, ತಾಲೂಕು ಮುಖಂಡರು ಉಪಸ್ಥಿತರಿದ್ದರು. ಸಮಾಜದ ಯುವಕರು ಸಂಘಟಿತರಾಗಬೇಕು ಎಂದು ಕರೆ ನೀಡಿದರು. ಅಂಬೇಡ್ಕರ್ ಜಯಂತಿ ಆಚರಣೆ ಕುರಿತೂ ಚರ್ಚೆ ನಡೆಯಿತು.
ರಾಜ್ಯ ಸರ್ಕಾರ ಪರಿಶಿಷ್ಟ ಪಂಗಡದ ಮೀಸಲಾತಿಯನ್ನು ಶೇ.7.5ಕ್ಕೆ ಹೆಚ್ಚಿಸಿದ್ದು, ಅದನ್ನು ಸಂವಿಧಾನದ 9ನೇ ಶೆಡ್ಯೂಲಿಗೆ ಸೇರಿಸಬೇಕು ಎಂದು ವಾಲ್ಮೀಕಿ ಸಮಾಜದ ಮುಖಂಡರು ಒತ್ತಾಯಿಸಿದರು. ನಗರದಲ್ಲಿ ಸುದ್ದಿಗೋಷ್ಠಿಯಲ್ಲಿ ಮಾತನಾಡಿದ ಅವರು, ಮೀಸಲಾತಿಗೆ ಕಾನೂನು ರಕ್ಷಣೆ ಅಗತ್ಯ. ಕೇಂದ್ರ ಸರ್ಕಾರಕ್ಕೆ ಶಿಫಾರಸು ಕಳುಹಿಸಬೇಕು. ಸಮುದಾಯದ ವಿದ್ಯಾರ್ಥಿಗಳು, ಉದ್ಯೋಗಾಕಾಂಕ್ಷಿಗಳಿಗೆ ಅನ್ಯಾಯವಾಗಬಾರದು. ಬಡ್ತಿ ಮೀಸಲಾತಿಯಲ್ಲೂ ನ್ಯಾಯ ಸಿಗಬೇಕು ಎಂದರು. ಶೀಘ್ರದಲ್ಲೇ ಹೋರಾಟ ರೂಪಿಸಲಾಗುವುದು. ಸಮಾಜದ ಎಲ್ಲರೂ ಒಗ್ಗಟ್ಟಾಗಿ ಧ್ವನಿ ಎತ್ತಬೇಕು ಎಂದು ಮನವಿ ಮಾಡಿದರು. ಜಿಲ್ಲಾ, ತಾಲೂಕು ಮುಖಂಡರು ಉಪಸ್ಥಿತರಿದ್ದರು. ಸಮಾಜದ ಯುವಕರು ಸಂಘಟಿತರಾಗಬೇಕು ಎಂದು ಕರೆ ನೀಡಿದರು. ಅಂಬೇಡ್ಕರ್ ಜಯಂತಿ ಆಚರಣೆ ಕುರಿತೂ ಚರ್ಚೆ ನಡೆಯಿತು.
ಧರ್ಮಸೂಕ್ಷ್ಮ	ಡಾ.ಬಿಂದುಶ್ರೀ
